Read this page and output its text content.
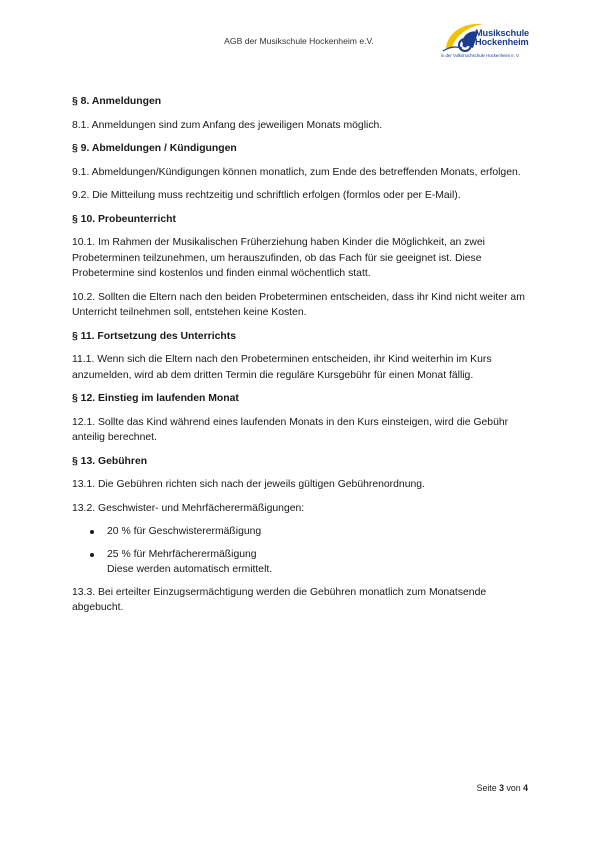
AGB der Musikschule Hockenheim e.V.
Musikschule
Hockenheim
in der Volkshochschule Hockenheim e. V.
§ 8. Anmeldungen
8.1. Anmeldungen sind zum Anfang des jeweiligen Monats möglich.
§ 9. Abmeldungen / Kündigungen
9.1. Abmeldungen/Kündigungen können monatlich, zum Ende des betreffenden Monats, erfolgen.
9.2. Die Mitteilung muss rechtzeitig und schriftlich erfolgen (formlos oder per E-Mail).
§ 10. Probeunterricht
10.1. Im Rahmen der Musikalischen Früherziehung haben Kinder die Möglichkeit, an zwei Probeterminen teilzunehmen, um herauszufinden, ob das Fach für sie geeignet ist. Diese Probetermine sind kostenlos und finden einmal wöchentlich statt.
10.2. Sollten die Eltern nach den beiden Probeterminen entscheiden, dass ihr Kind nicht weiter am Unterricht teilnehmen soll, entstehen keine Kosten.
§ 11. Fortsetzung des Unterrichts
11.1. Wenn sich die Eltern nach den Probeterminen entscheiden, ihr Kind weiterhin im Kurs anzumelden, wird ab dem dritten Termin die reguläre Kursgebühr für einen Monat fällig.
§ 12. Einstieg im laufenden Monat
12.1. Sollte das Kind während eines laufenden Monats in den Kurs einsteigen, wird die Gebühr anteilig berechnet.
§ 13. Gebühren
13.1. Die Gebühren richten sich nach der jeweils gültigen Gebührenordnung.
13.2. Geschwister- und Mehrfächerermäßigungen:
20 % für Geschwisterermäßigung
25 % für Mehrfächerermäßigung
Diese werden automatisch ermittelt.
13.3. Bei erteilter Einzugsermächtigung werden die Gebühren monatlich zum Monatsende abgebucht.
Seite 3 von 4
